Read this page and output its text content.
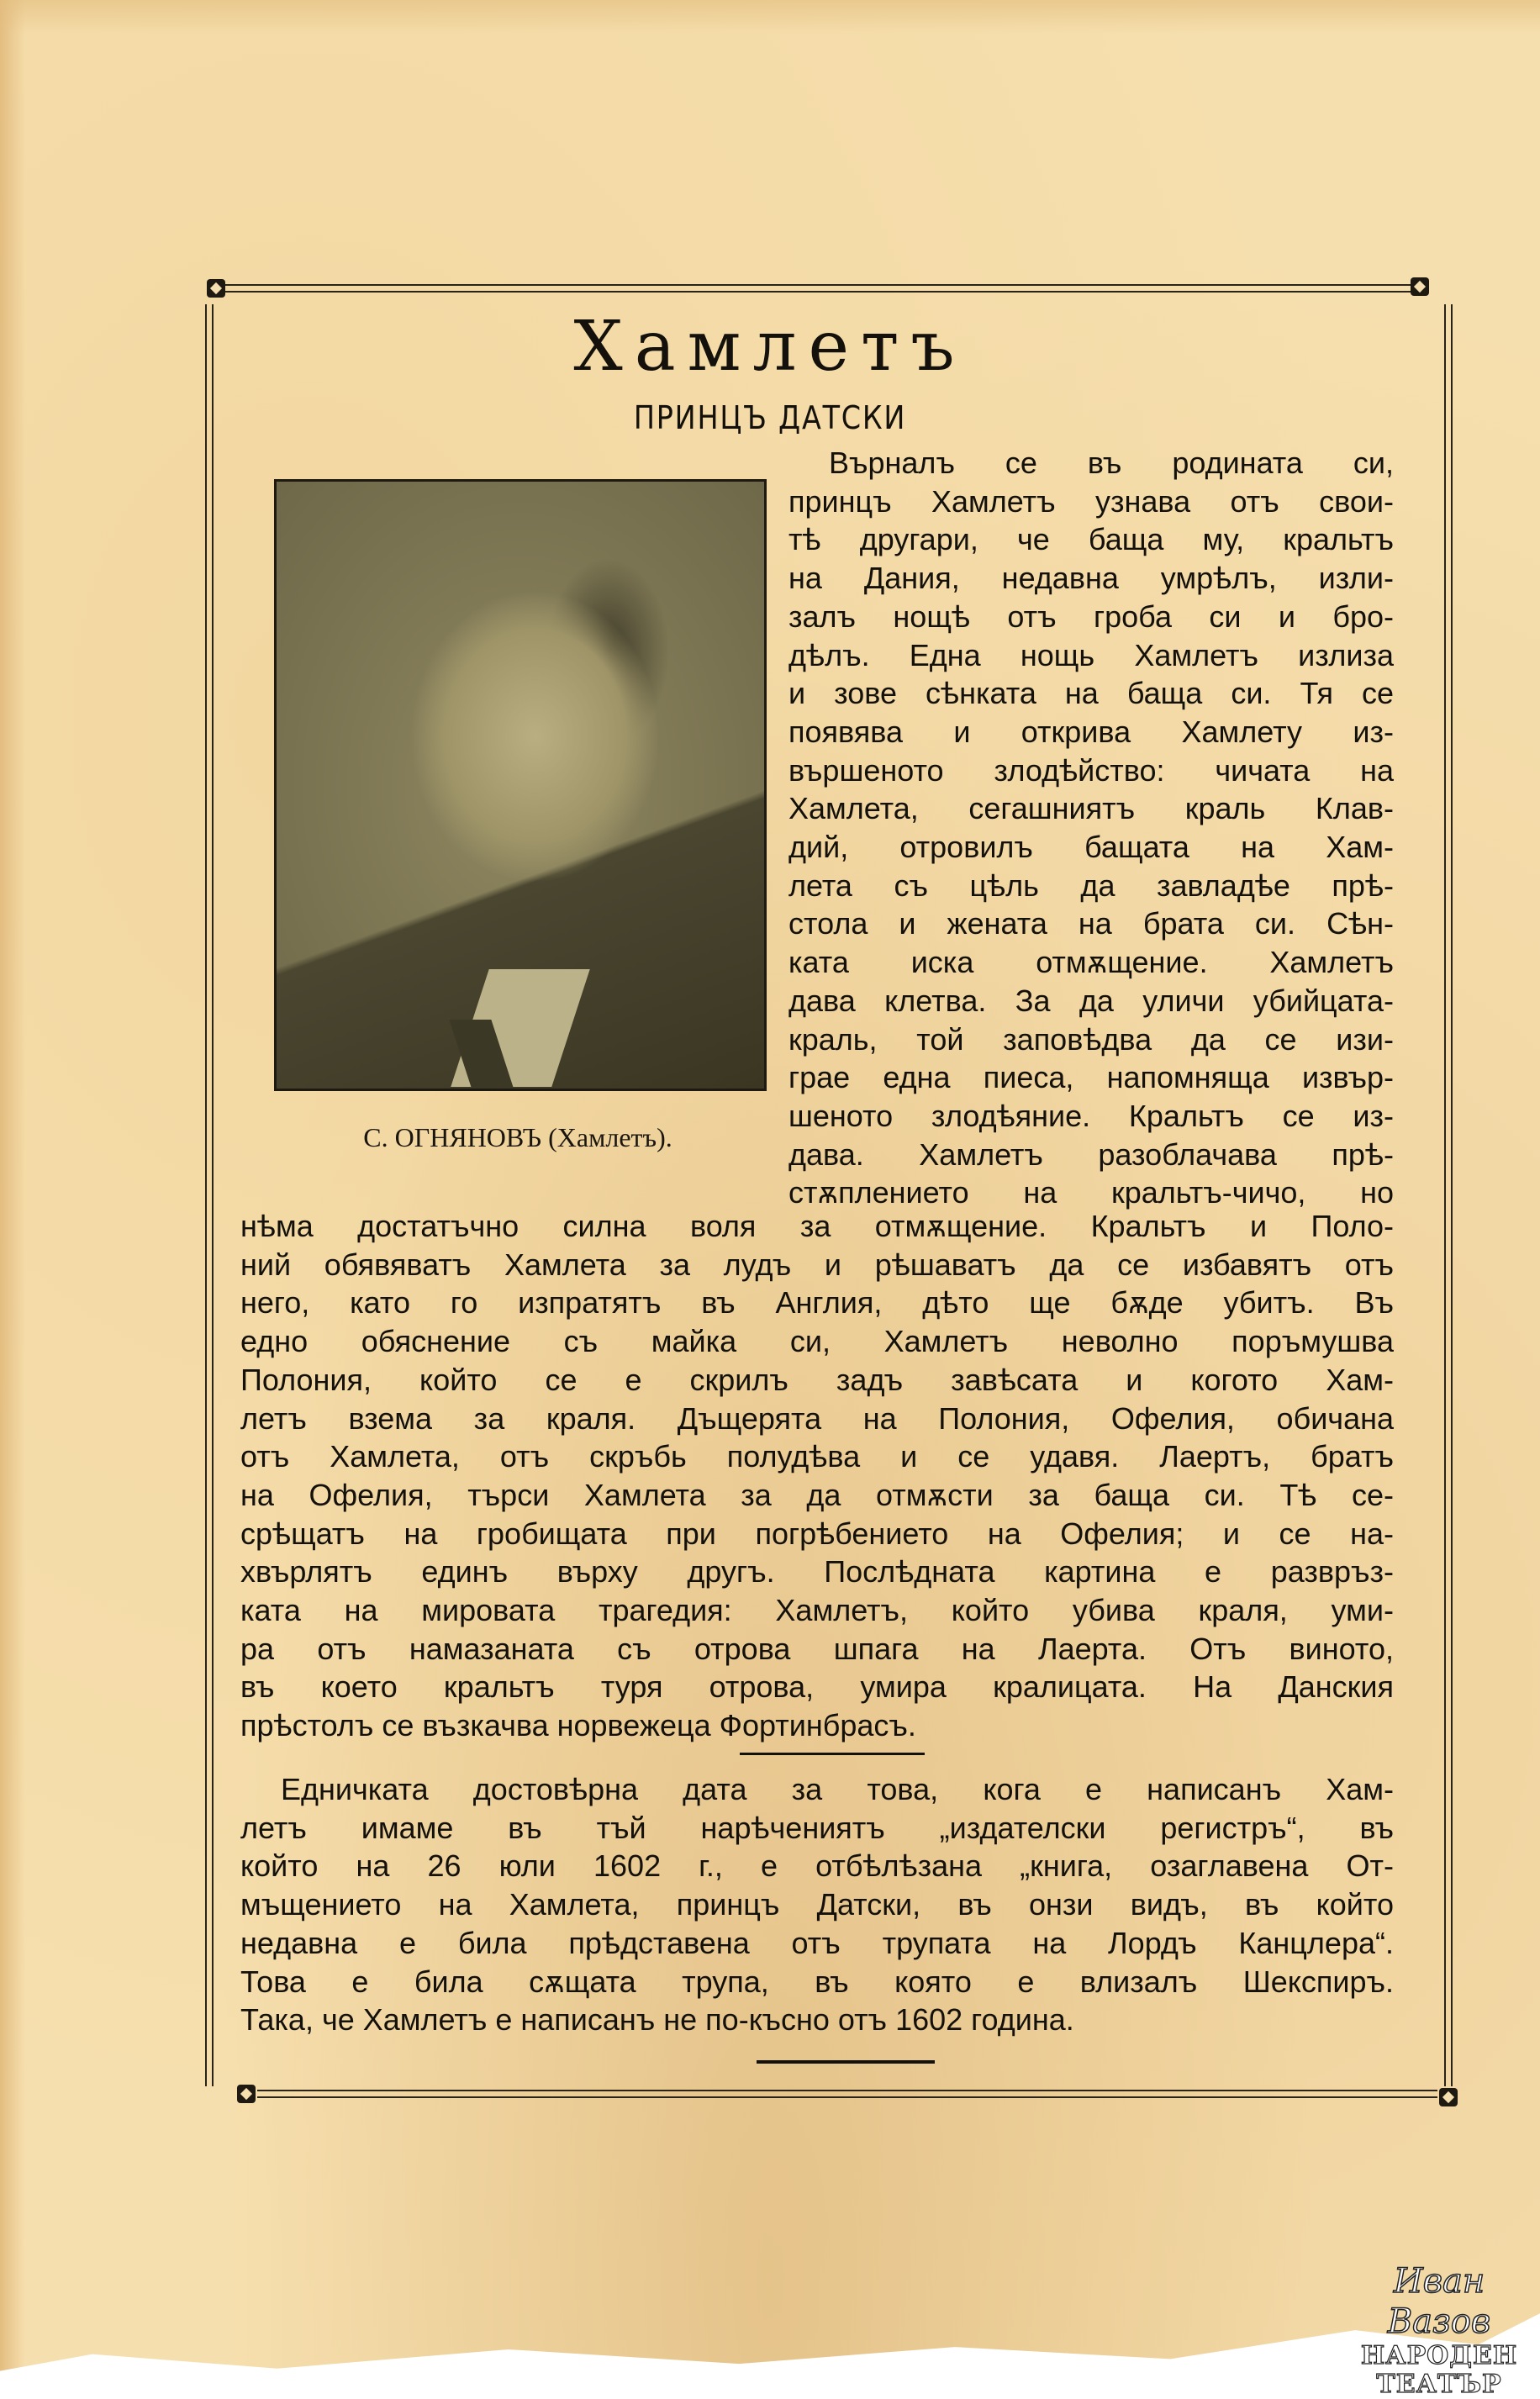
Хамлетъ
ПРИНЦЪ ДАТСКИ
С. ОГНЯНОВЪ (Хамлетъ).
Върналъ се въ родината си,
принцъ Хамлетъ узнава отъ свои-
тѣ другари, че баща му, кральтъ
на Дания, недавна умрѣлъ, изли-
залъ нощѣ отъ гроба си и бро-
дѣлъ. Една нощь Хамлетъ излиза
и зове сѣнката на баща си. Тя се
появява и открива Хамлету из-
вършеното злодѣйство: чичата на
Хамлета, сегашниятъ краль Клав-
дий, отровилъ бащата на Хам-
лета съ цѣль да завладѣе прѣ-
стола и жената на брата си. Сѣн-
ката иска отмѫщение. Хамлетъ
дава клетва. За да уличи убийцата-
краль, той заповѣдва да се изи-
грае една пиеса, напомняща извър-
шеното злодѣяние. Кральтъ се из-
дава. Хамлетъ разоблачава прѣ-
стѫплението на кральтъ-чичо, но
нѣма достатъчно силна воля за отмѫщение. Кральтъ и Поло-
ний обявяватъ Хамлета за лудъ и рѣшаватъ да се избавятъ отъ
него, като го изпратятъ въ Англия, дѣто ще бѫде убитъ. Въ
едно обяснение съ майка си, Хамлетъ неволно поръмушва
Полония, който се е скрилъ задъ завѣсата и когото Хам-
летъ взема за краля. Дъщерята на Полония, Офелия, обичана
отъ Хамлета, отъ скръбь полудѣва и се удавя. Лаертъ, братъ
на Офелия, търси Хамлета за да отмѫсти за баща си. Тѣ се-
срѣщатъ на гробищата при погрѣбението на Офелия; и се на-
хвърлятъ единъ върху другъ. Послѣдната картина е развръз-
ката на мировата трагедия: Хамлетъ, който убива краля, уми-
ра отъ намазаната съ отрова шпага на Лаерта. Отъ виното,
въ което кральтъ туря отрова, умира кралицата. На Данския
прѣстолъ се възкачва норвежеца Фортинбрасъ.
Едничката достовѣрна дата за това, кога е написанъ Хам-
летъ имаме въ тъй нарѣчениятъ „издателски регистръ“, въ
който на 26 юли 1602 г., е отбѣлѣзана „книга, озаглавена От-
мъщението на Хамлета, принцъ Датски, въ онзи видъ, въ който
недавна е била прѣдставена отъ трупата на Лордъ Канцлера“.
Това е била сѫщата трупа, въ която е влизалъ Шекспиръ.
Така, че Хамлетъ е написанъ не по-късно отъ 1602 година.
Иван Вазов
НАРОДЕН
ТЕАТЪР
